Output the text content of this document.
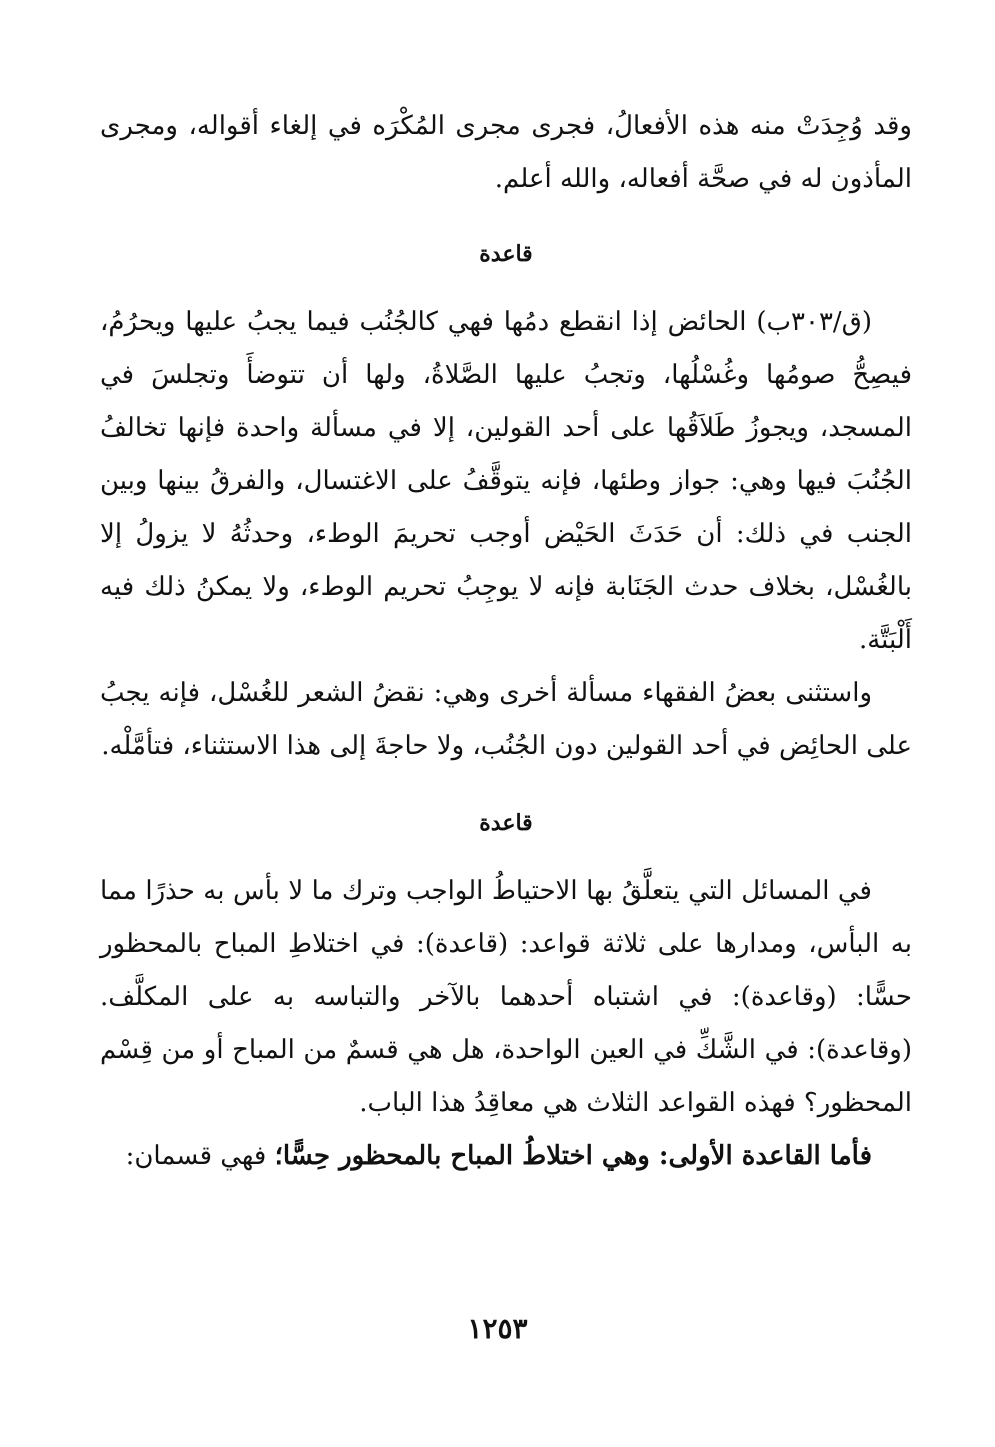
وقد وُجِدَتْ منه هذه الأفعالُ، فجرى مجرى المُكْرَه في إلغاء أقواله، ومجرى المأذون له في صحَّة أفعاله، والله أعلم.

قاعدة

(ق/٣٠٣ب) الحائض إذا انقطع دمُها فهي كالجُنُب فيما يجبُ عليها ويحرُمُ، فيصِحُّ صومُها وغُسْلُها، وتجبُ عليها الصَّلاةُ، ولها أن تتوضأَ وتجلسَ في المسجد، ويجوزُ طَلاَقُها على أحد القولين، إلا في مسألة واحدة فإنها تخالفُ الجُنُبَ فيها وهي: جواز وطئها، فإنه يتوقَّفُ على الاغتسال، والفرقُ بينها وبين الجنب في ذلك: أن حَدَثَ الحَيْض أوجب تحريمَ الوطء، وحدثُهُ لا يزولُ إلا بالغُسْل، بخلاف حدث الجَنَابة فإنه لا يوجِبُ تحريم الوطء، ولا يمكنُ ذلك فيه أَلْبَتَّة.

واستثنى بعضُ الفقهاء مسألة أخرى وهي: نقضُ الشعر للغُسْل، فإنه يجبُ على الحائِض في أحد القولين دون الجُنُب، ولا حاجةَ إلى هذا الاستثناء، فتأمَّلْه.

قاعدة

في المسائل التي يتعلَّقُ بها الاحتياطُ الواجب وترك ما لا بأس به حذرًا مما به البأس، ومدارها على ثلاثة قواعد: (قاعدة): في اختلاطِ المباح بالمحظور حسًّا: (وقاعدة): في اشتباه أحدهما بالآخر والتباسه به على المكلَّف. (وقاعدة): في الشَّكِّ في العين الواحدة، هل هي قسمٌ من المباح أو من قِسْم المحظور؟ فهذه القواعد الثلاث هي معاقِدُ هذا الباب.

فأما القاعدة الأولى: وهي اختلاطُ المباح بالمحظور حِسًّا؛ فهي قسمان:

١٢٥٣
